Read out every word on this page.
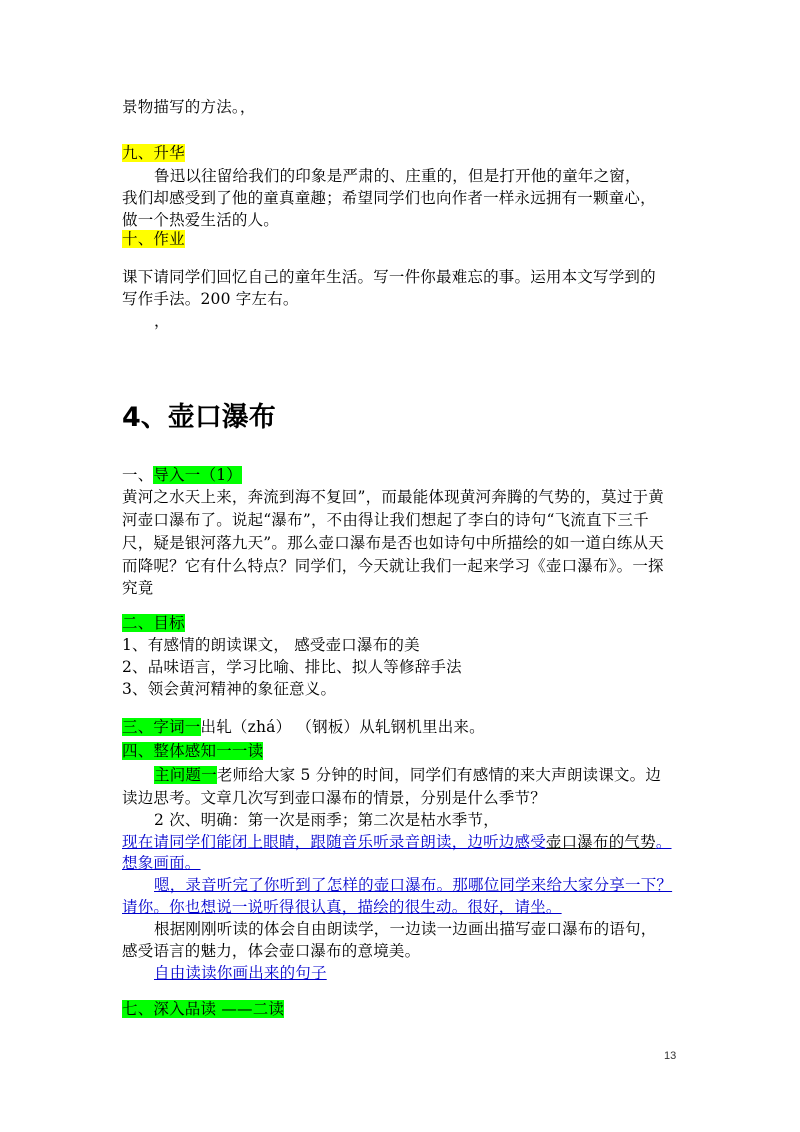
景物描写的方法。，

九、升华

鲁迅以往留给我们的印象是严肃的、庄重的，但是打开他的童年之窗，

我们却感受到了他的童真童趣；希望同学们也向作者一样永远拥有一颗童心，

做一个热爱生活的人。

十、作业

课下请同学们回忆自己的童年生活。写一件你最难忘的事。运用本文写学到的

写作手法。200 字左右。

，

4、壶口瀑布

一、导入一（1）

黄河之水天上来，奔流到海不复回”，而最能体现黄河奔腾的气势的，莫过于黄

河壶口瀑布了。说起“瀑布”，不由得让我们想起了李白的诗句“飞流直下三千

尺，疑是银河落九天”。那么壶口瀑布是否也如诗句中所描绘的如一道白练从天

而降呢？它有什么特点？同学们，今天就让我们一起来学习《壶口瀑布》。一探

究竟

二、目标

1、有感情的朗读课文， 感受壶口瀑布的美

2、品味语言，学习比喻、排比、拟人等修辞手法

3、领会黄河精神的象征意义。

三、字词一出轧（zhá） （钢板）从轧钢机里出来。

四、整体感知一一读

主问题一老师给大家 5 分钟的时间，同学们有感情的来大声朗读课文。边

读边思考。文章几次写到壶口瀑布的情景，分别是什么季节？

2 次、明确：第一次是雨季；第二次是枯水季节，

现在请同学们能闭上眼睛，跟随音乐听录音朗读，边听边感受壶口瀑布的气势。

想象画面。

嗯，录音听完了你听到了怎样的壶口瀑布。那哪位同学来给大家分享一下？

请你。你也想说一说听得很认真，描绘的很生动。很好，请坐。

根据刚刚听读的体会自由朗读学，一边读一边画出描写壶口瀑布的语句，

感受语言的魅力，体会壶口瀑布的意境美。

自由读读你画出来的句子

七、深入品读 ——二读

13
